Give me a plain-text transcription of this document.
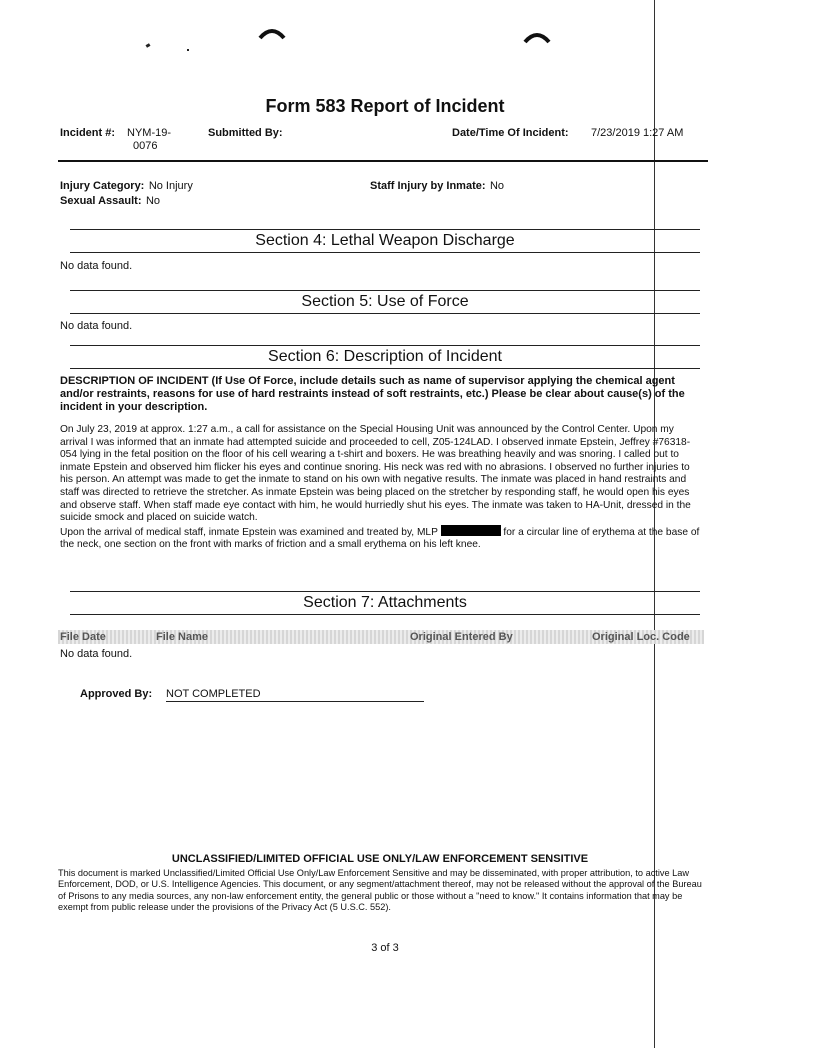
Form 583 Report of Incident
Incident #: NYM-19-
0076
Submitted By:	Date/Time Of Incident: 7/23/2019 1:27 AM
Injury Category: No Injury
Sexual Assault: No
Staff Injury by Inmate: No
Section 4: Lethal Weapon Discharge
No data found.
Section 5: Use of Force
No data found.
Section 6: Description of Incident
DESCRIPTION OF INCIDENT (If Use Of Force, include details such as name of supervisor applying the chemical agent and/or restraints, reasons for use of hard restraints instead of soft restraints, etc.) Please be clear about cause(s) of the incident in your description.
On July 23, 2019 at approx. 1:27 a.m., a call for assistance on the Special Housing Unit was announced by the Control Center. Upon my arrival I was informed that an inmate had attempted suicide and proceeded to cell, Z05-124LAD. I observed inmate Epstein, Jeffrey #76318-054 lying in the fetal position on the floor of his cell wearing a t-shirt and boxers. He was breathing heavily and was snoring. I called out to inmate Epstein and observed him flicker his eyes and continue snoring. His neck was red with no abrasions. I observed no further injuries to his person. An attempt was made to get the inmate to stand on his own with negative results. The inmate was placed in hand restraints and staff was directed to retrieve the stretcher. As inmate Epstein was being placed on the stretcher by responding staff, he would open his eyes and observe staff. When staff made eye contact with him, he would hurriedly shut his eyes. The inmate was taken to HA-Unit, dressed in the suicide smock and placed on suicide watch.
Upon the arrival of medical staff, inmate Epstein was examined and treated by, MLP	for a circular line of erythema at the base of the neck, one section on the front with marks of friction and a small erythema on his left knee.
Section 7: Attachments
File Date	File Name	Original Entered By	Original Loc. Code
No data found.
Approved By: NOT COMPLETED
UNCLASSIFIED/LIMITED OFFICIAL USE ONLY/LAW ENFORCEMENT SENSITIVE
This document is marked Unclassified/Limited Official Use Only/Law Enforcement Sensitive and may be disseminated, with proper attribution, to active Law Enforcement, DOD, or U.S. Intelligence Agencies. This document, or any segment/attachment thereof, may not be released without the approval of the Bureau of Prisons to any media sources, any non-law enforcement entity, the general public or those without a "need to know." It contains information that may be exempt from public release under the provisions of the Privacy Act (5 U.S.C. 552).
3 of 3
